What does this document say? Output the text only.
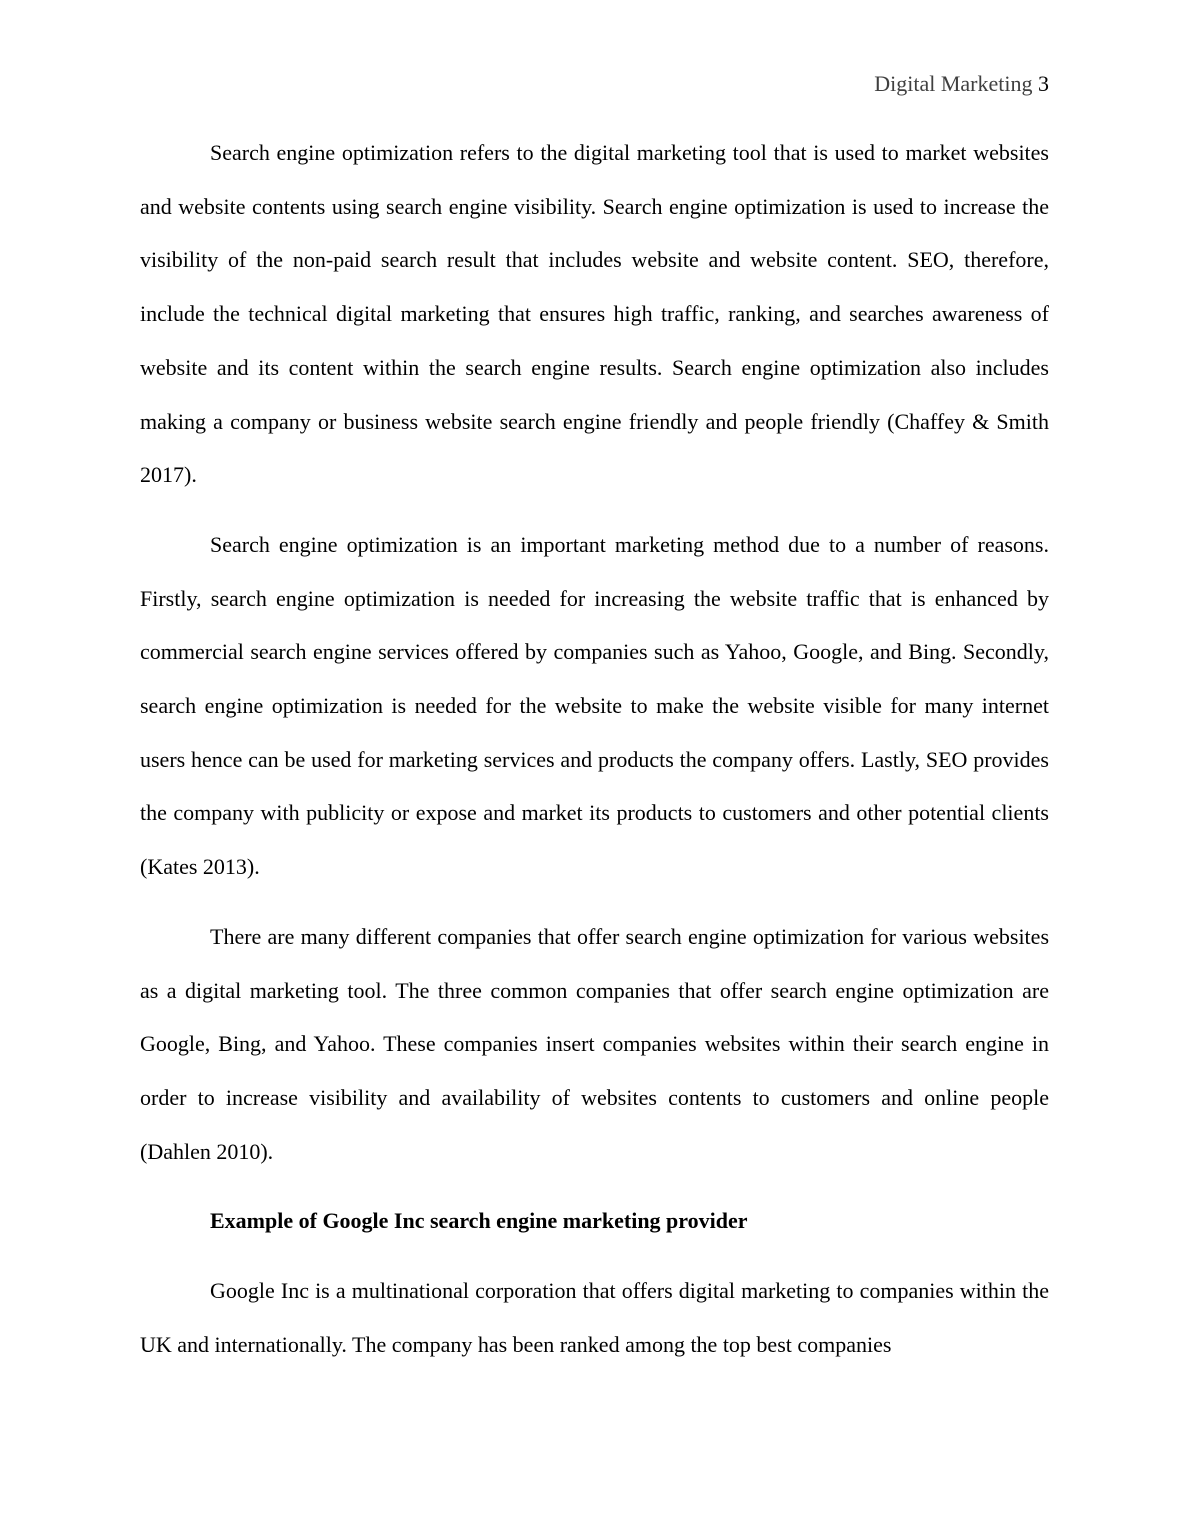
Digital Marketing 3

Search engine optimization refers to the digital marketing tool that is used to market websites and website contents using search engine visibility. Search engine optimization is used to increase the visibility of the non-paid search result that includes website and website content. SEO, therefore, include the technical digital marketing that ensures high traffic, ranking, and searches awareness of website and its content within the search engine results. Search engine optimization also includes making a company or business website search engine friendly and people friendly (Chaffey & Smith 2017).

Search engine optimization is an important marketing method due to a number of reasons. Firstly, search engine optimization is needed for increasing the website traffic that is enhanced by commercial search engine services offered by companies such as Yahoo, Google, and Bing. Secondly, search engine optimization is needed for the website to make the website visible for many internet users hence can be used for marketing services and products the company offers. Lastly, SEO provides the company with publicity or expose and market its products to customers and other potential clients (Kates 2013).

There are many different companies that offer search engine optimization for various websites as a digital marketing tool. The three common companies that offer search engine optimization are Google, Bing, and Yahoo. These companies insert companies websites within their search engine in order to increase visibility and availability of websites contents to customers and online people (Dahlen 2010).

Example of Google Inc search engine marketing provider

Google Inc is a multinational corporation that offers digital marketing to companies within the UK and internationally. The company has been ranked among the top best companies
